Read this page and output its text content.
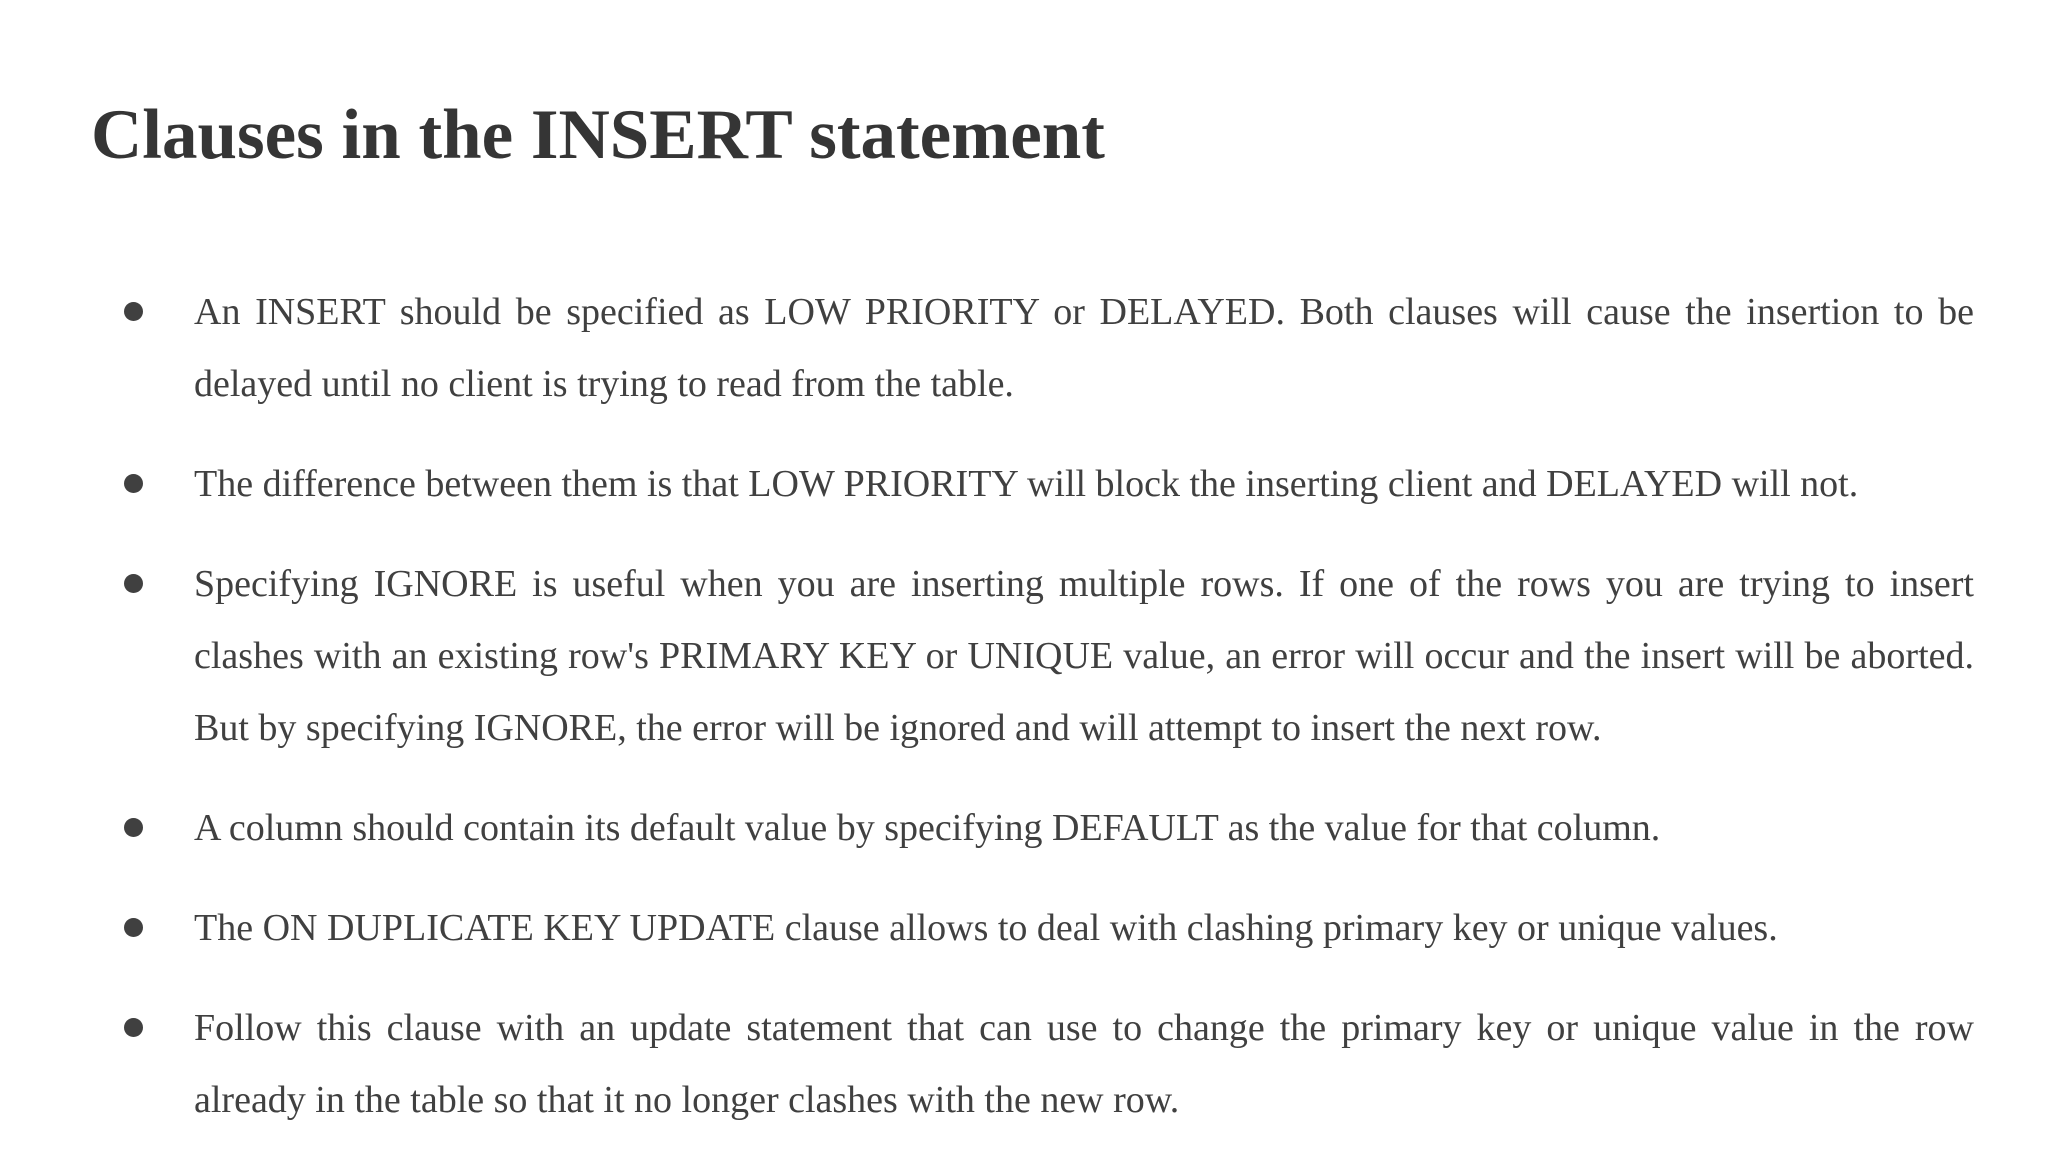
Clauses in the INSERT statement
An INSERT should be specified as LOW PRIORITY or DELAYED. Both clauses will cause the insertion to be delayed until no client is trying to read from the table.
The difference between them is that LOW PRIORITY will block the inserting client and DELAYED will not.
Specifying IGNORE is useful when you are inserting multiple rows. If one of the rows you are trying to insert clashes with an existing row's PRIMARY KEY or UNIQUE value, an error will occur and the insert will be aborted. But by specifying IGNORE, the error will be ignored and will attempt to insert the next row.
A column should contain its default value by specifying DEFAULT as the value for that column.
The ON DUPLICATE KEY UPDATE clause allows to deal with clashing primary key or unique values.
Follow this clause with an update statement that can use to change the primary key or unique value in the row already in the table so that it no longer clashes with the new row.
